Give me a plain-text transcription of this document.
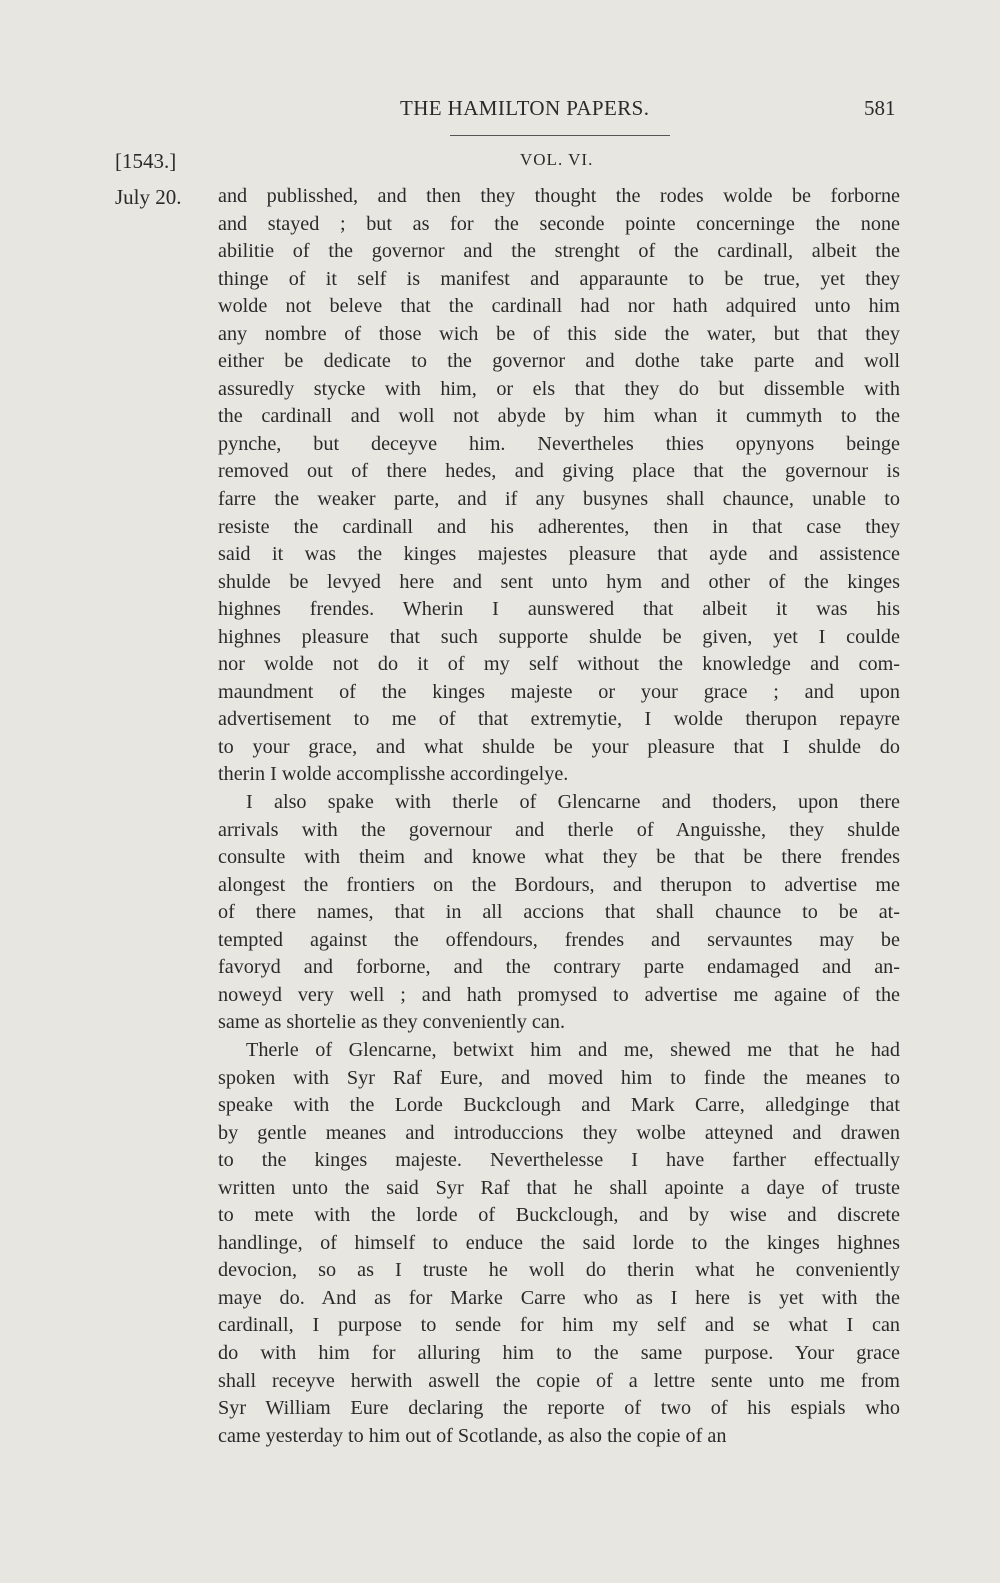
THE HAMILTON PAPERS.	581
[1543.]	VOL. VI.
July 20. and publisshed, and then they thought the rodes wolde be forborne
and stayed ; but as for the seconde pointe concerninge the none
abilitie of the governor and the strenght of the cardinall, albeit the
thinge of it self is manifest and apparaunte to be true, yet they
wolde not beleve that the cardinall had nor hath adquired unto him
any nombre of those wich be of this side the water, but that they
either be dedicate to the governor and dothe take parte and woll
assuredly stycke with him, or els that they do but dissemble with
the cardinall and woll not abyde by him whan it cummyth to the
pynche, but deceyve him. Nevertheles thies opynyons beinge
removed out of there hedes, and giving place that the governour is
farre the weaker parte, and if any busynes shall chaunce, unable to
resiste the cardinall and his adherentes, then in that case they
said it was the kinges majestes pleasure that ayde and assistence
shulde be levyed here and sent unto hym and other of the kinges
highnes frendes. Wherin I aunswered that albeit it was his
highnes pleasure that such supporte shulde be given, yet I coulde
nor wolde not do it of my self without the knowledge and com-
maundment of the kinges majeste or your grace ; and upon
advertisement to me of that extremytie, I wolde therupon repayre
to your grace, and what shulde be your pleasure that I shulde do
therin I wolde accomplisshe accordingelye.

I also spake with therle of Glencarne and thoders, upon there
arrivals with the governour and therle of Anguisshe, they shulde
consulte with theim and knowe what they be that be there frendes
alongest the frontiers on the Bordours, and therupon to advertise me
of there names, that in all accions that shall chaunce to be at-
tempted against the offendours, frendes and servauntes may be
favoryd and forborne, and the contrary parte endamaged and an-
noweyd very well ; and hath promysed to advertise me againe of the
same as shortelie as they conveniently can.

Therle of Glencarne, betwixt him and me, shewed me that he had
spoken with Syr Raf Eure, and moved him to finde the meanes to
speake with the Lorde Buckclough and Mark Carre, alledginge that
by gentle meanes and introduccions they wolbe atteyned and drawen
to the kinges majeste. Neverthelesse I have farther effectually
written unto the said Syr Raf that he shall apointe a daye of truste
to mete with the lorde of Buckclough, and by wise and discrete
handlinge, of himself to enduce the said lorde to the kinges highnes
devocion, so as I truste he woll do therin what he conveniently
maye do. And as for Marke Carre who as I here is yet with the
cardinall, I purpose to sende for him my self and se what I can
do with him for alluring him to the same purpose. Your grace
shall receyve herwith aswell the copie of a lettre sente unto me from
Syr William Eure declaring the reporte of two of his espials who
came yesterday to him out of Scotlande, as also the copie of an
